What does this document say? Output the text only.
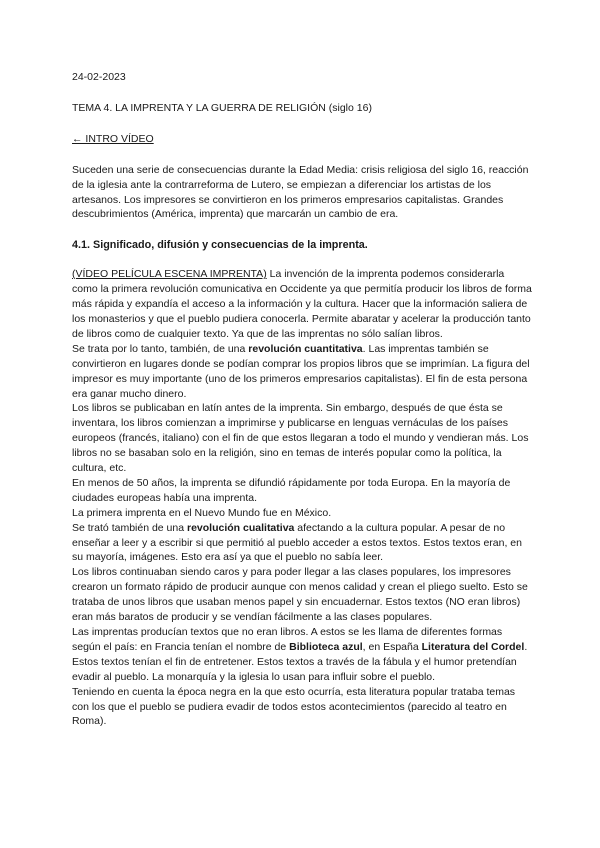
24-02-2023

TEMA 4. LA IMPRENTA Y LA GUERRA DE RELIGIÓN (siglo 16)

← INTRO VÍDEO

Suceden una serie de consecuencias durante la Edad Media: crisis religiosa del siglo 16, reacción de la iglesia ante la contrarreforma de Lutero, se empiezan a diferenciar los artistas de los artesanos. Los impresores se convirtieron en los primeros empresarios capitalistas. Grandes descubrimientos (América, imprenta) que marcarán un cambio de era.

4.1. Significado, difusión y consecuencias de la imprenta.

(VÍDEO PELÍCULA ESCENA IMPRENTA) La invención de la imprenta podemos considerarla como la primera revolución comunicativa en Occidente ya que permitía producir los libros de forma más rápida y expandía el acceso a la información y la cultura. Hacer que la información saliera de los monasterios y que el pueblo pudiera conocerla. Permite abaratar y acelerar la producción tanto de libros como de cualquier texto. Ya que de las imprentas no sólo salían libros.

Se trata por lo tanto, también, de una revolución cuantitativa. Las imprentas también se convirtieron en lugares donde se podían comprar los propios libros que se imprimían. La figura del impresor es muy importante (uno de los primeros empresarios capitalistas). El fin de esta persona era ganar mucho dinero.

Los libros se publicaban en latín antes de la imprenta. Sin embargo, después de que ésta se inventara, los libros comienzan a imprimirse y publicarse en lenguas vernáculas de los países europeos (francés, italiano) con el fin de que estos llegaran a todo el mundo y vendieran más. Los libros no se basaban solo en la religión, sino en temas de interés popular como la política, la cultura, etc.

En menos de 50 años, la imprenta se difundió rápidamente por toda Europa. En la mayoría de ciudades europeas había una imprenta.

La primera imprenta en el Nuevo Mundo fue en México.

Se trató también de una revolución cualitativa afectando a la cultura popular. A pesar de no enseñar a leer y a escribir si que permitió al pueblo acceder a estos textos. Estos textos eran, en su mayoría, imágenes. Esto era así ya que el pueblo no sabía leer.

Los libros continuaban siendo caros y para poder llegar a las clases populares, los impresores crearon un formato rápido de producir aunque con menos calidad y crean el pliego suelto. Esto se trataba de unos libros que usaban menos papel y sin encuadernar. Estos textos (NO eran libros) eran más baratos de producir y se vendían fácilmente a las clases populares.

Las imprentas producían textos que no eran libros. A estos se les llama de diferentes formas según el país: en Francia tenían el nombre de Biblioteca azul, en España Literatura del Cordel. Estos textos tenían el fin de entretener. Estos textos a través de la fábula y el humor pretendían evadir al pueblo. La monarquía y la iglesia lo usan para influir sobre el pueblo.

Teniendo en cuenta la época negra en la que esto ocurría, esta literatura popular trataba temas con los que el pueblo se pudiera evadir de todos estos acontecimientos (parecido al teatro en Roma).
